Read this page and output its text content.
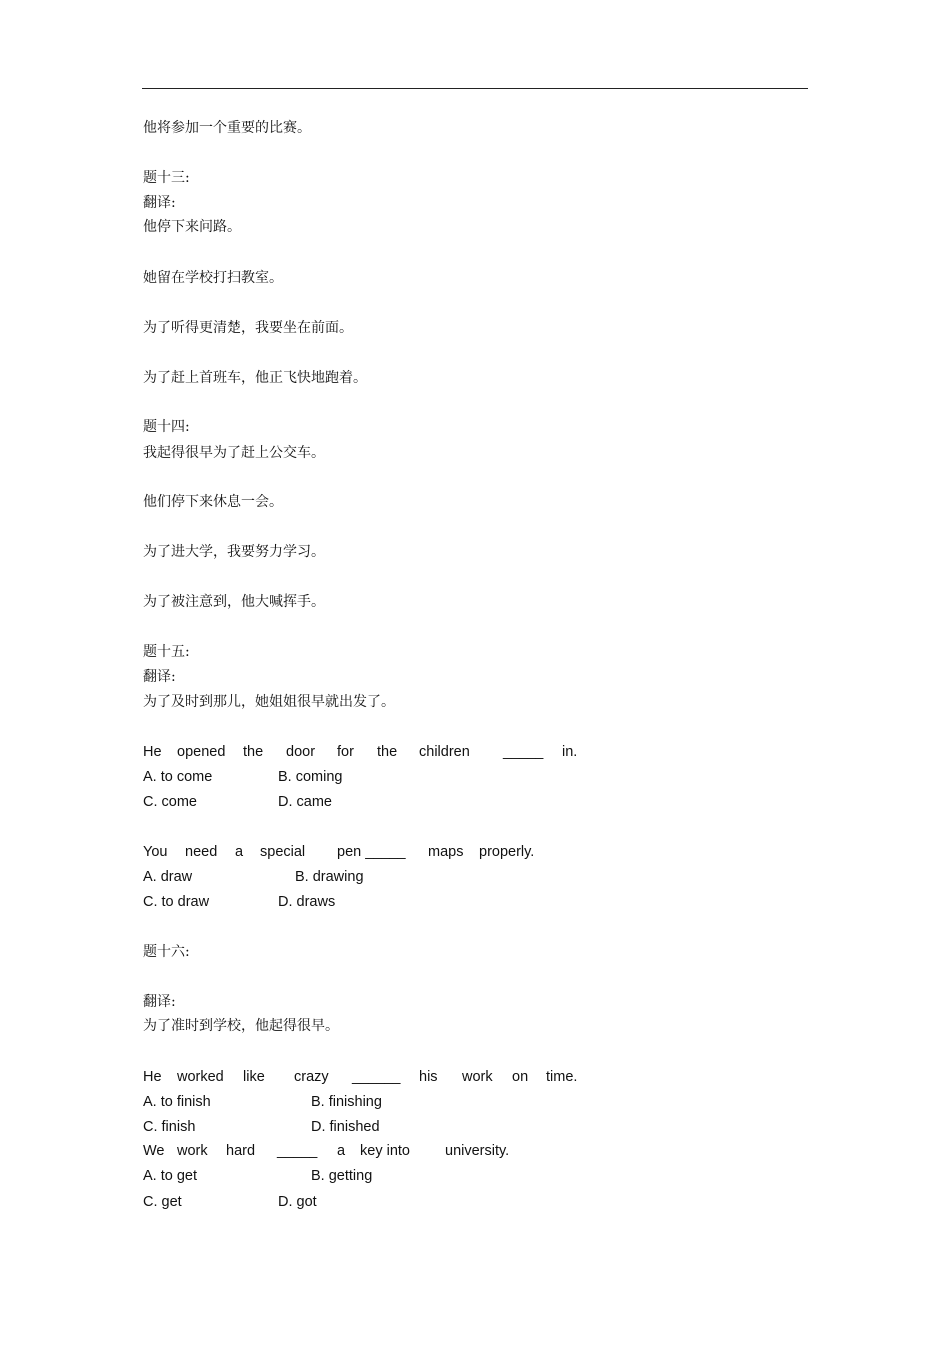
他将参加一个重要的比赛。

题十三:

翻译:

他停下来问路。

她留在学校打扫教室。

为了听得更清楚，我要坐在前面。

为了赶上首班车，他正飞快地跑着。

题十四:

我起得很早为了赶上公交车。

他们停下来休息一会。

为了进大学，我要努力学习。

为了被注意到，他大喊挥手。

题十五:

翻译:

为了及时到那儿，她姐姐很早就出发了。

He opened the door for the children _____ in.
A. to come	B. coming
C. come	D. came
You need a special pen _____ maps properly.
A. draw	B. drawing
C. to draw	D. draws

题十六:

翻译:

为了准时到学校，他起得很早。

He worked like crazy ______ his work on time.
A. to finish	B. finishing
C. finish	D. finished
We work hard _____ a key into university.
A. to get	B. getting
C. get	D. got
